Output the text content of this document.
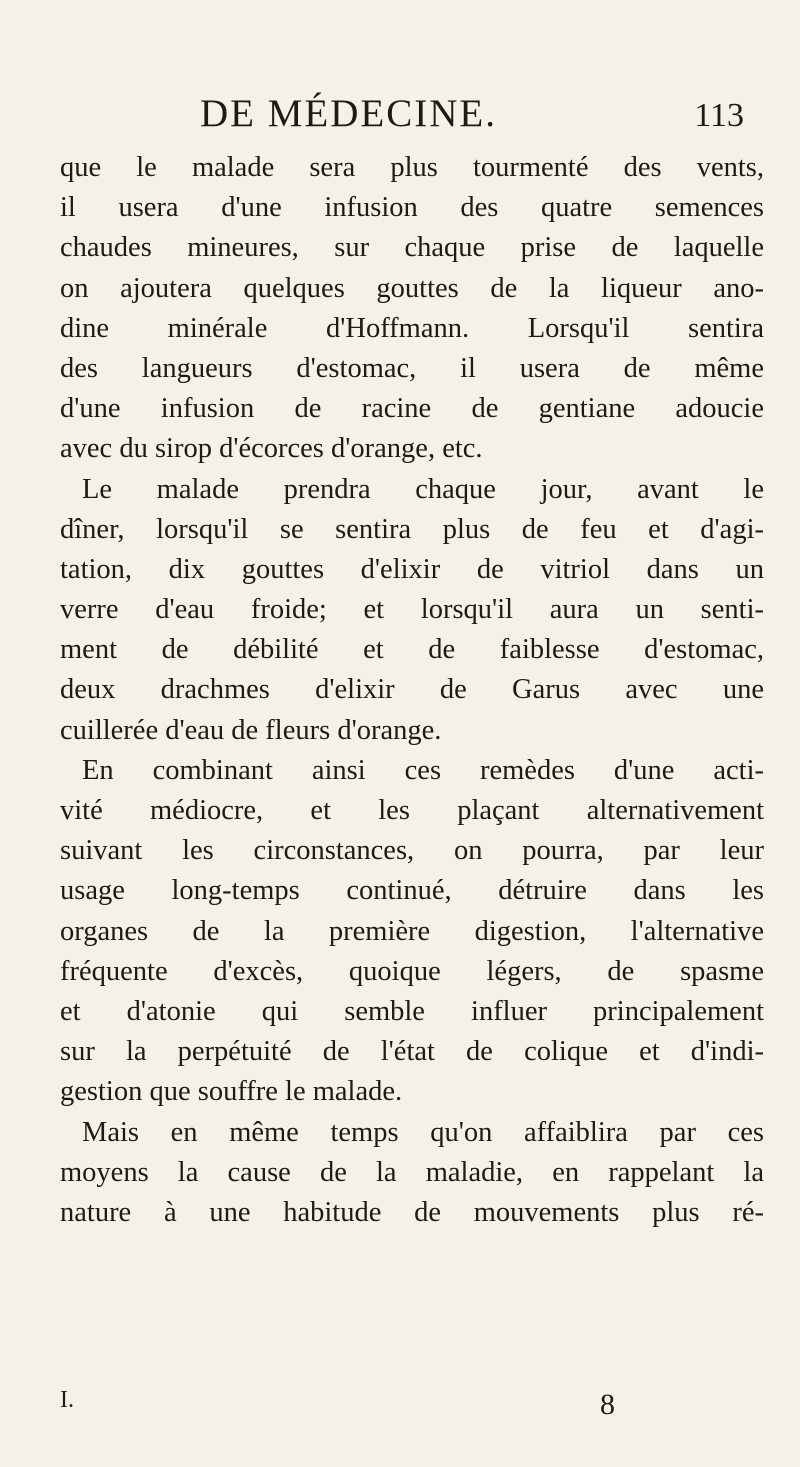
DE MÉDECINE.	113
que le malade sera plus tourmenté des vents,
il usera d'une infusion des quatre semences
chaudes mineures, sur chaque prise de laquelle
on ajoutera quelques gouttes de la liqueur ano-
dine minérale d'Hoffmann. Lorsqu'il sentira
des langueurs d'estomac, il usera de même
d'une infusion de racine de gentiane adoucie
avec du sirop d'écorces d'orange, etc.
Le malade prendra chaque jour, avant le
dîner, lorsqu'il se sentira plus de feu et d'agi-
tation, dix gouttes d'elixir de vitriol dans un
verre d'eau froide; et lorsqu'il aura un senti-
ment de débilité et de faiblesse d'estomac,
deux drachmes d'elixir de Garus avec une
cuillerée d'eau de fleurs d'orange.
En combinant ainsi ces remèdes d'une acti-
vité médiocre, et les plaçant alternativement
suivant les circonstances, on pourra, par leur
usage long-temps continué, détruire dans les
organes de la première digestion, l'alternative
fréquente d'excès, quoique légers, de spasme
et d'atonie qui semble influer principalement
sur la perpétuité de l'état de colique et d'indi-
gestion que souffre le malade.
Mais en même temps qu'on affaiblira par ces
moyens la cause de la maladie, en rappelant la
nature à une habitude de mouvements plus ré-
I.	8
